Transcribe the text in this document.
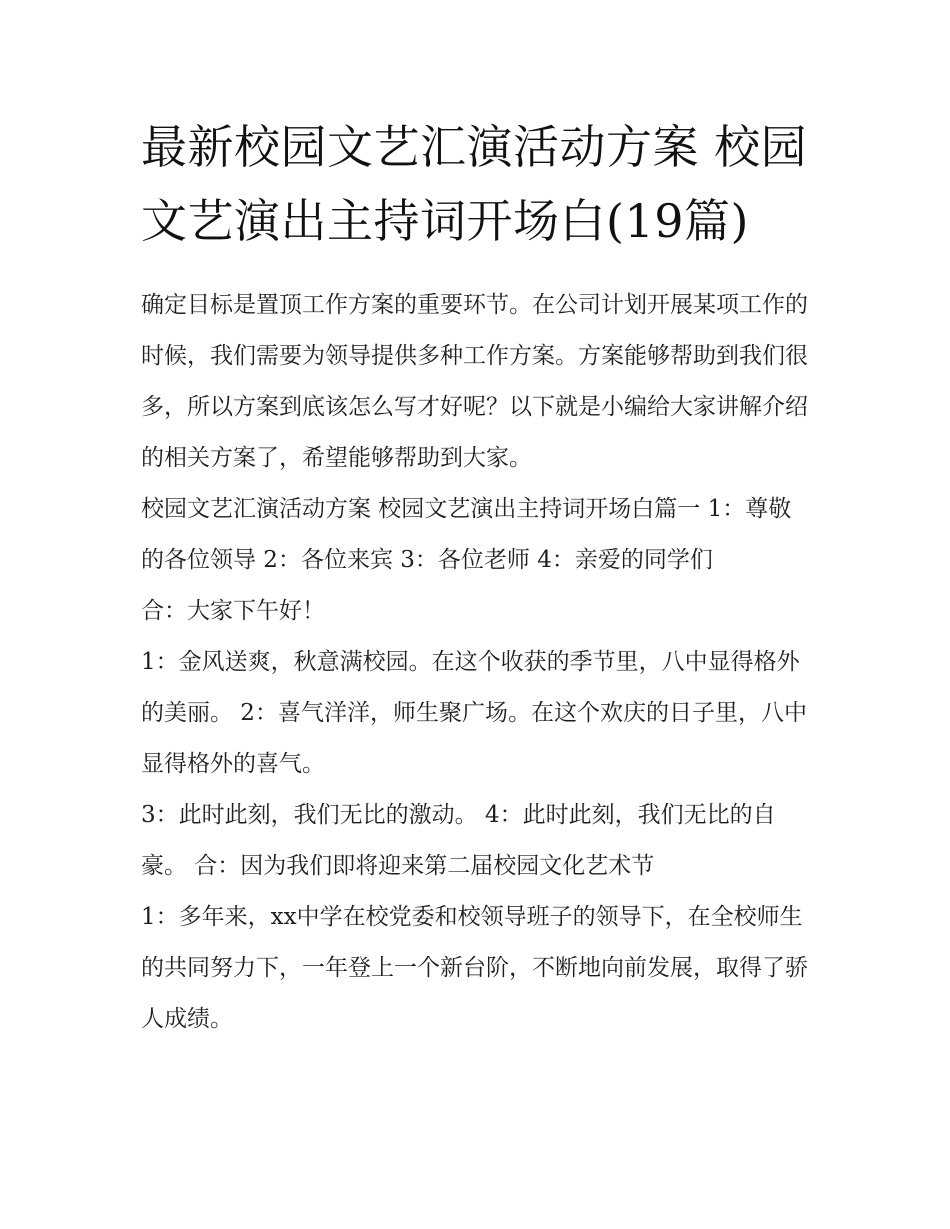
最新校园文艺汇演活动方案 校园文艺演出主持词开场白(19篇)

确定目标是置顶工作方案的重要环节。在公司计划开展某项工作的时候，我们需要为领导提供多种工作方案。方案能够帮助到我们很多，所以方案到底该怎么写才好呢？以下就是小编给大家讲解介绍的相关方案了，希望能够帮助到大家。

校园文艺汇演活动方案 校园文艺演出主持词开场白篇一 1：尊敬的各位领导 2：各位来宾 3：各位老师 4：亲爱的同学们

合：大家下午好！

1：金风送爽，秋意满校园。在这个收获的季节里，八中显得格外的美丽。 2：喜气洋洋，师生聚广场。在这个欢庆的日子里，八中显得格外的喜气。

3：此时此刻，我们无比的激动。 4：此时此刻，我们无比的自豪。 合：因为我们即将迎来第二届校园文化艺术节

1：多年来，xx中学在校党委和校领导班子的领导下，在全校师生的共同努力下，一年登上一个新台阶，不断地向前发展，取得了骄人成绩。
